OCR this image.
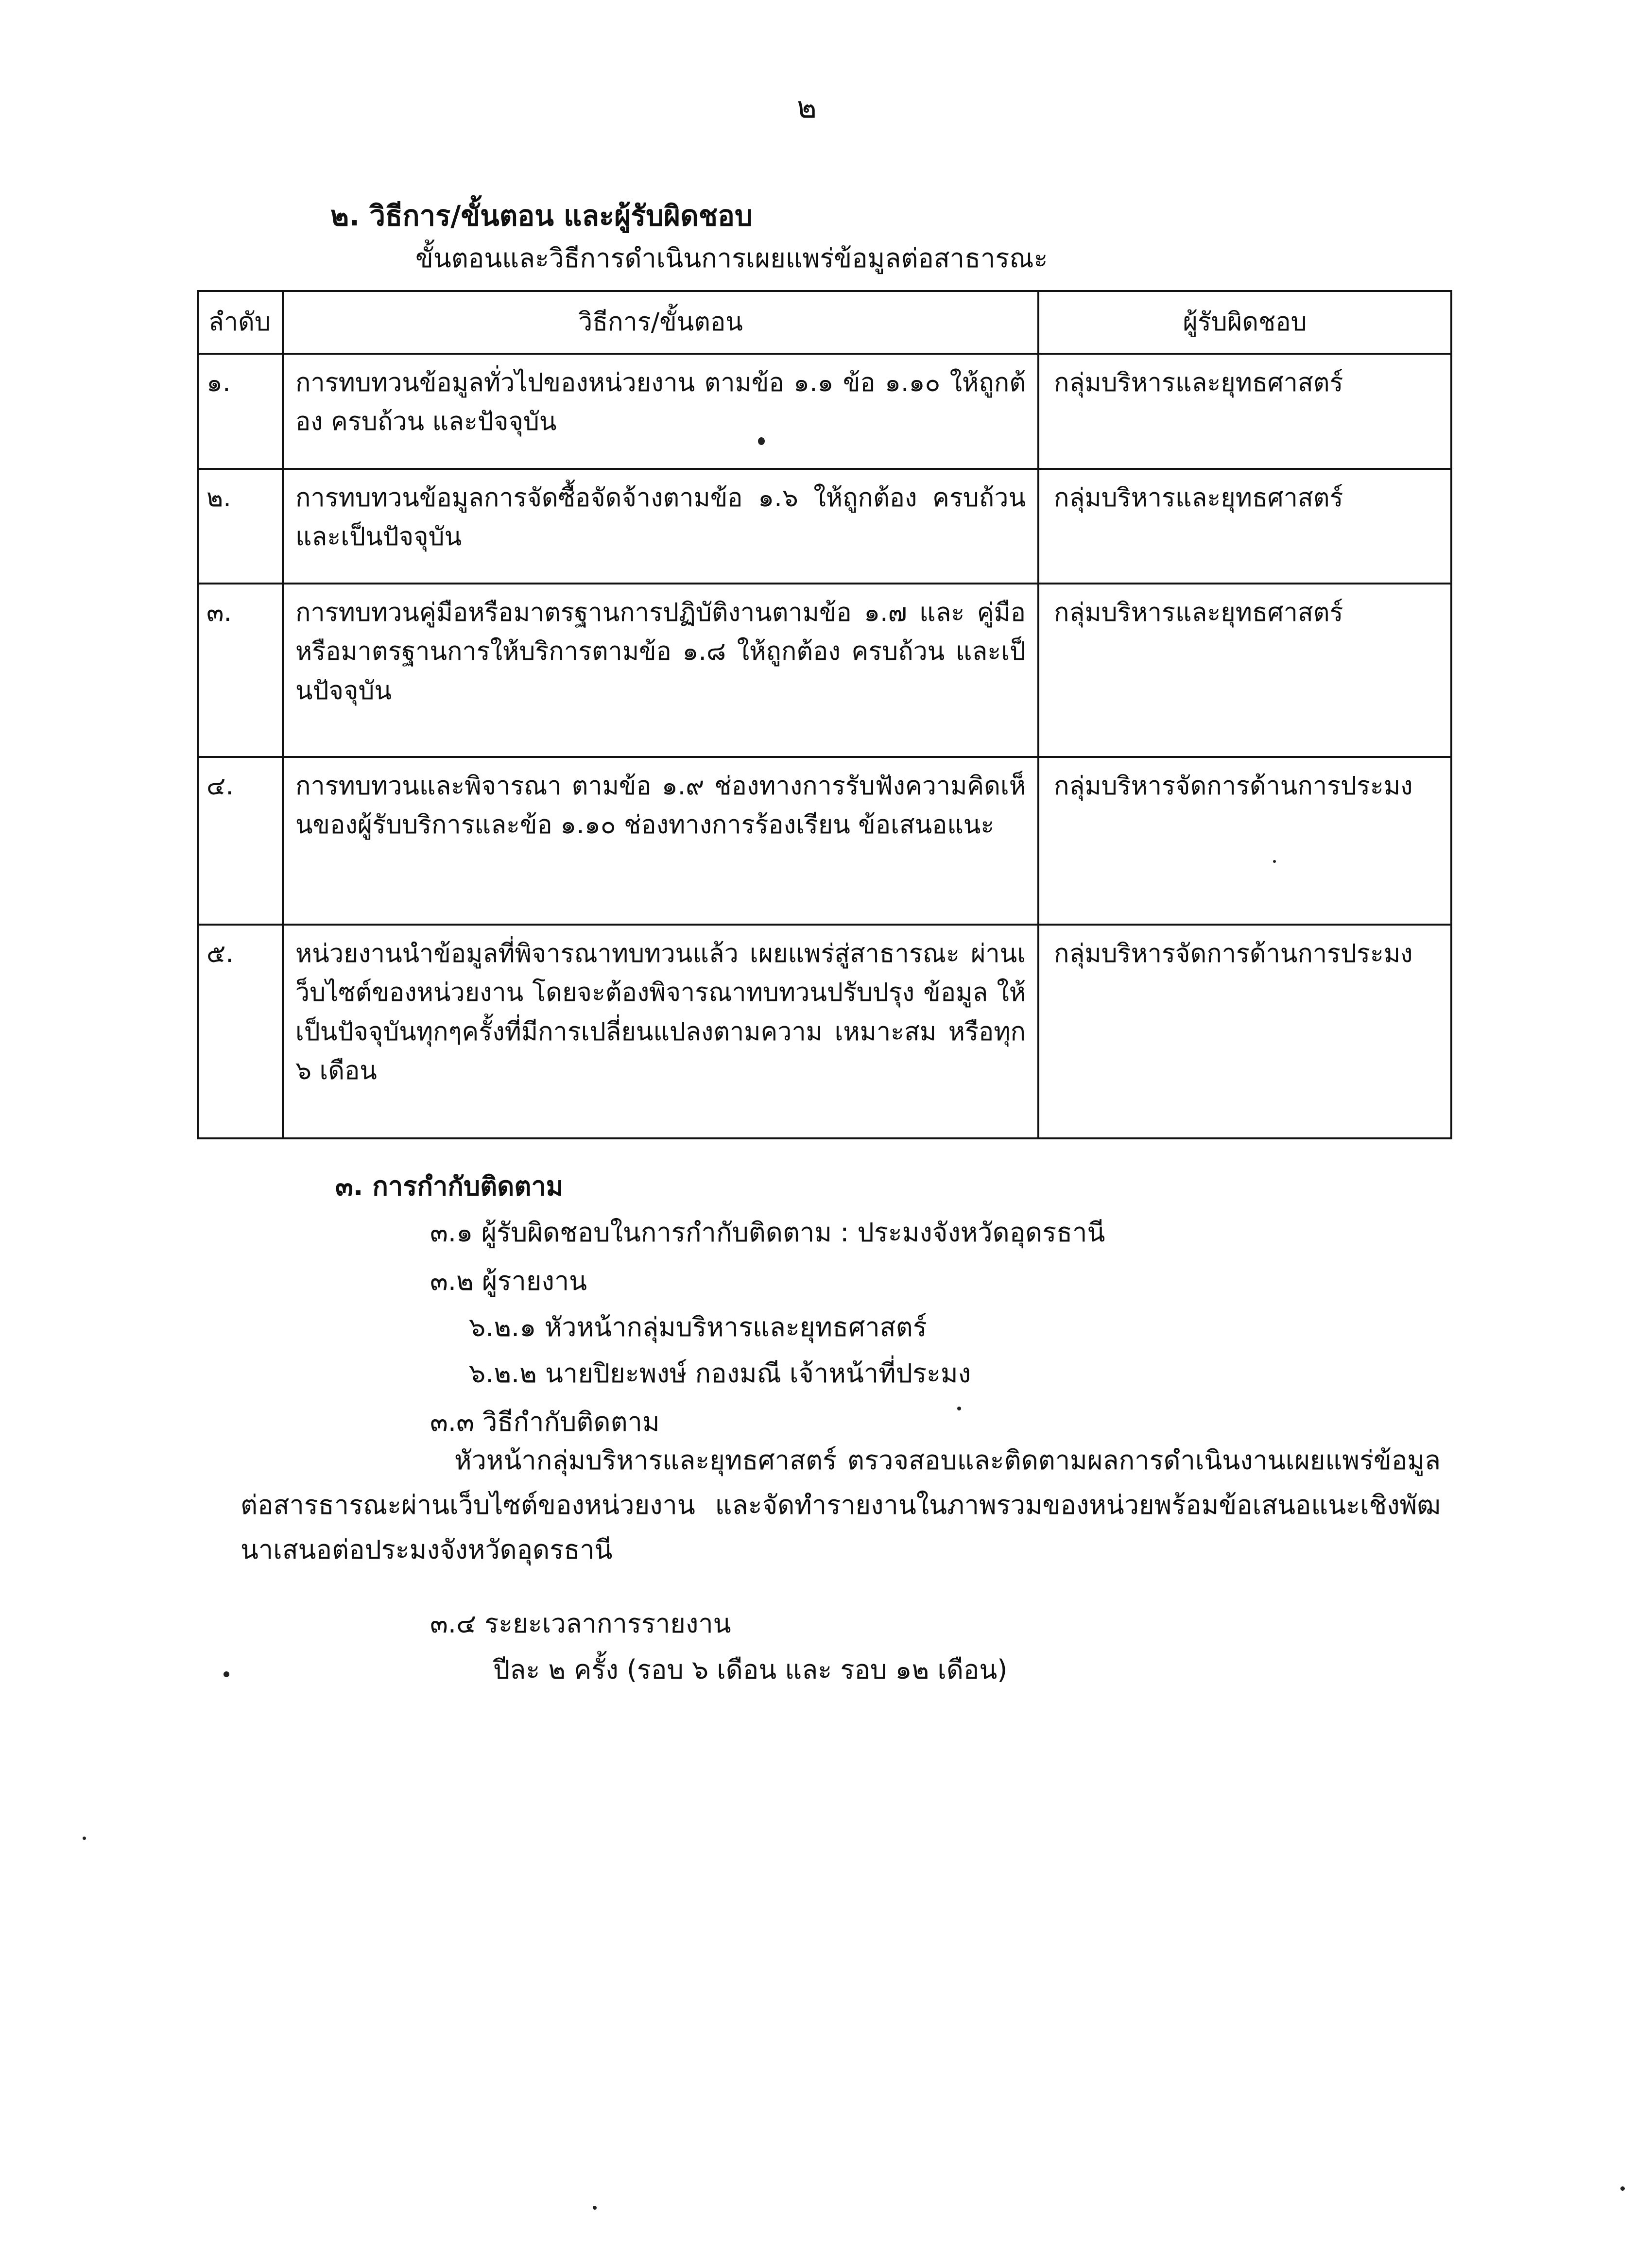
๒
๒. วิธีการ/ขั้นตอน และผู้รับผิดชอบ
ขั้นตอนและวิธีการดำเนินการเผยแพร่ข้อมูลต่อสาธารณะ
ลำดับ	วิธีการ/ขั้นตอน	ผู้รับผิดชอบ
๑.	การทบทวนข้อมูลทั่วไปของหน่วยงาน ตามข้อ ๑.๑ ข้อ ๑.๑๐ ให้ถูกต้อง ครบถ้วน และปัจจุบัน	กลุ่มบริหารและยุทธศาสตร์
๒.	การทบทวนข้อมูลการจัดซื้อจัดจ้างตามข้อ ๑.๖ ให้ถูกต้อง ครบถ้วน และเป็นปัจจุบัน	กลุ่มบริหารและยุทธศาสตร์
๓.	การทบทวนคู่มือหรือมาตรฐานการปฏิบัติงานตามข้อ ๑.๗ และ คู่มือหรือมาตรฐานการให้บริการตามข้อ ๑.๘ ให้ถูกต้อง ครบถ้วน และเป็นปัจจุบัน	กลุ่มบริหารและยุทธศาสตร์
๔.	การทบทวนและพิจารณา ตามข้อ ๑.๙ ช่องทางการรับฟังความคิดเห็นของผู้รับบริการและข้อ ๑.๑๐ ช่องทางการร้องเรียน ข้อเสนอแนะ	กลุ่มบริหารจัดการด้านการประมง
๕.	หน่วยงานนำข้อมูลที่พิจารณาทบทวนแล้ว เผยแพร่สู่สาธารณะ ผ่านเว็บไซต์ของหน่วยงาน โดยจะต้องพิจารณาทบทวนปรับปรุง ข้อมูล ให้เป็นปัจจุบันทุกๆครั้งที่มีการเปลี่ยนแปลงตามความ เหมาะสม หรือทุก ๖ เดือน	กลุ่มบริหารจัดการด้านการประมง
๓. การกำกับติดตาม
๓.๑ ผู้รับผิดชอบในการกำกับติดตาม : ประมงจังหวัดอุดรธานี
๓.๒ ผู้รายงาน
๖.๒.๑ หัวหน้ากลุ่มบริหารและยุทธศาสตร์
๖.๒.๒ นายปิยะพงษ์ กองมณี เจ้าหน้าที่ประมง
๓.๓ วิธีกำกับติดตาม
หัวหน้ากลุ่มบริหารและยุทธศาสตร์ ตรวจสอบและติดตามผลการดำเนินงานเผยแพร่ข้อมูลต่อสารธารณะผ่านเว็บไซต์ของหน่วยงาน และจัดทำรายงานในภาพรวมของหน่วยพร้อมข้อเสนอแนะเชิงพัฒนาเสนอต่อประมงจังหวัดอุดรธานี
๓.๔ ระยะเวลาการรายงาน
ปีละ ๒ ครั้ง (รอบ ๖ เดือน และ รอบ ๑๒ เดือน)
